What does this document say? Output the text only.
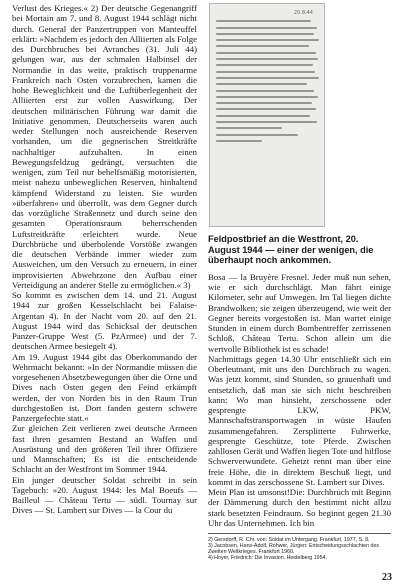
Verlust des Krieges.« 2) Der deutsche Gegenangriff bei Mortain am 7. und 8. August 1944 schlägt nicht durch. General der Panzertruppen von Manteuffel erklärt: »Nachdem es jedoch den Alliierten als Folge des Durchbruches bei Avranches (31. Juli 44) gelungen war, aus der schmalen Halbinsel der Normandie in das weite, praktisch truppenarme Frankreich nach Osten vorzubrechen, kamen die hohe Beweglichkeit und die Luftüberlegenheit der Alliierten erst zur vollen Auswirkung. Der deutschen militärischen Führung war damit die Initiative genommen. Deutscherseits waren auch weder Stellungen noch ausreichende Reserven vorhanden, um die gegnerischen Streitkräfte nachhaltiger aufzuhalten. In einen Bewegungsfeldzug gedrängt, versuchten die wenigen, zum Teil nur behelfsmäßig motorisierten, meist nahezu unbeweglichen Reserven, hinhaltend kämpfend Widerstand zu leisten. Sie wurden »überfahren« und überrollt, was dem Gegner durch das vorzügliche Straßennetz und durch seine den gesamten Operationsraum beherrschenden Luftstreitkräfte erleichtert wurde. Neue Durchbrüche und überholende Vorstöße zwangen die deutschen Verbände immer wieder zum Ausweichen, um den Versuch zu erneuern, in einer improvisierten Abwehrzone den Aufbau einer Verteidigung an anderer Stelle zu ermöglichen.« 3)

So kommt es zwischen dem 14. und 21. August 1944 zur großen Kesselschlacht bei Falaise-Argentan 4). In der Nacht vom 20. auf den 21. August 1944 wird das Schicksal der deutschen Panzer-Gruppe West (5. PzArmee) und der 7. deutschen Armee besiegelt 4).

Am 19. August 1944 gibt das Oberkommando der Wehrmacht bekannt: »In der Normandie müssen die vorgesehenen Absetzbewegungen über die Orne und Dives nach Osten gegen den Feind erkämpft werden, der von Norden bis in den Raum Trun durchgestoßen ist. Dort fanden gestern schwere Panzergefechte statt.«

Zur gleichen Zeit verlieren zwei deutsche Armeen fast ihren gesamten Bestand an Waffen und Ausrüstung und den größeren Teil ihrer Offiziere und Mannschaften; Es ist die entscheidende Schlacht an der Westfront im Sommer 1944.

Ein junger deutscher Soldat schreibt in sein Tagebuch: »20. August 1944: les Mal Boeufs — Bailleul — Château Tertu — südl. Tournay sur Dives — St. Lambert sur Dives — la Cour du

20.8.44
Feldpostbrief an die Westfront, 20. August 1944 — einer der wenigen, die überhaupt noch ankommen.

Bosa — la Bruyère Fresnel. Jeder muß nun sehen, wie er sich durchschlägt. Man fährt einige Kilometer, sehr auf Umwegen. Im Tal liegen dichte Brandwolken; sie zeigen überzeugend, wie weit der Gegner bereits vorgestoßen ist. Man wartet einige Stunden in einem durch Bombentreffer zerrissenen Schloß, Château Tertu. Schon allein um die wertvolle Bibliothek ist es schade!

Nachmittags gegen 14.30 Uhr entschließt sich ein Oberleutnant, mit uns den Durchbruch zu wagen. Was jetzt kommt, sind Stunden, so grauenhaft und entsetzlich, daß man sie sich nicht beschreiben kann: Wo man hinsieht, zerschossene oder gesprengte LKW, PKW, Mannschaftstransportwagen in wüste Haufen zusammengefahren. Zersplitterte Fuhrwerke, gesprengte Geschütze, tote Pferde. Zwischen zahllosen Gerät und Waffen liegen Tote und hilflose Schwerverwundete. Gehetzt rennt man über eine freie Höhe, die in direktem Beschuß liegt, und kommt in das zerschossene St. Lambert sur Dives.

Mein Plan ist umsonst!Die: Durchbruch mit Beginn der Dämmerung durch den bestimmt nicht allzu stark besetzten Feindraum. So beginnt gegen 21.30 Uhr das Unternehmen. Ich bin

2) Gersdorff, R. Chr. von: Soldat im Untergang. Frankfurt, 1977, S. 8.
3) Jacobsen, Hans-Adolf, Rohwer, Jürgen: Entscheidungsschlachten des Zweiten Weltkrieges. Frankfurt 1960.
4) Hoyer, Friedrich: Die Invasion. Heidelberg 1954.
23
